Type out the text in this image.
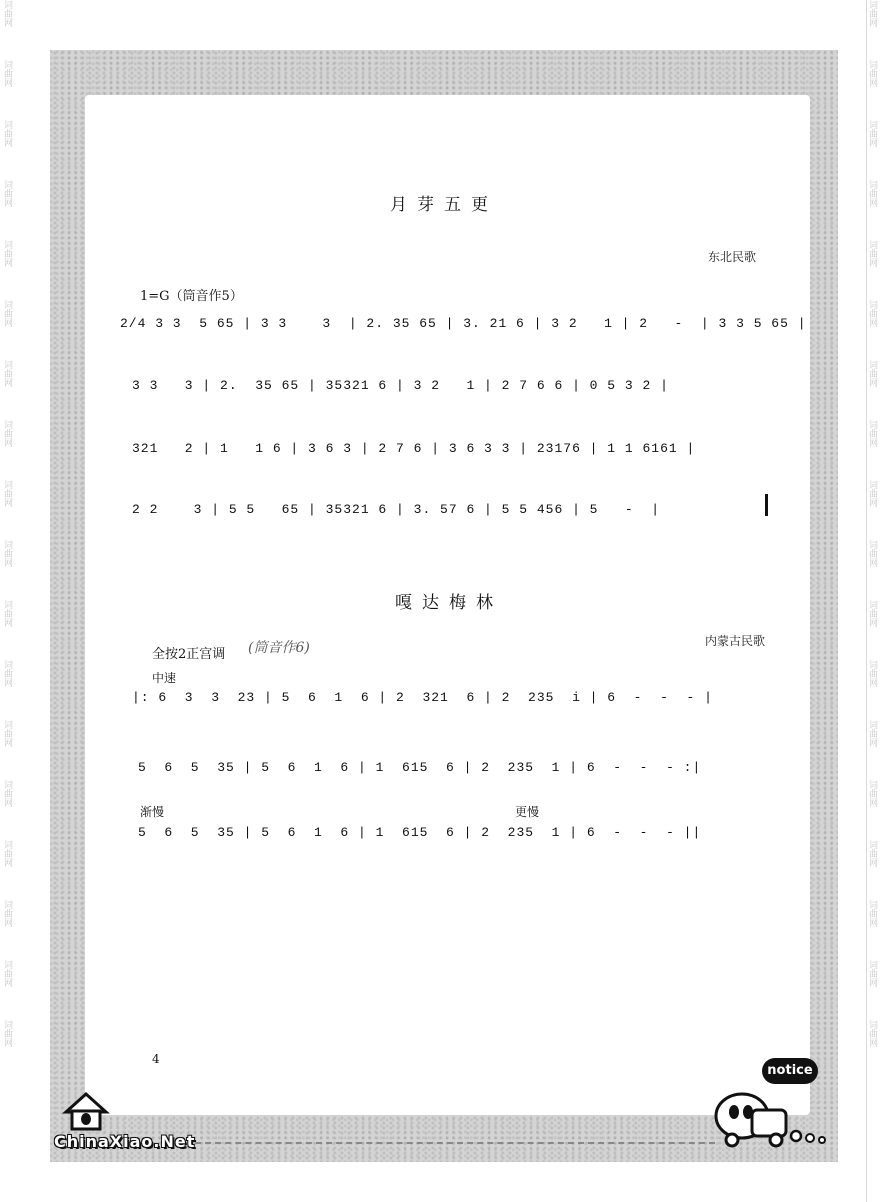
词曲网
词曲网
词曲网
词曲网
词曲网
词曲网
词曲网
词曲网
词曲网
词曲网
词曲网
词曲网
词曲网
词曲网
词曲网
词曲网
词曲网
词曲网
词曲网
词曲网
词曲网
词曲网
词曲网
词曲网
词曲网
词曲网
词曲网
词曲网
词曲网
词曲网
词曲网
词曲网
词曲网
词曲网
词曲网
词曲网
月芽五更
东北民歌
1=G（筒音作5）

2/4 3 3  5 65 | 3 3    3  | 2. 35 65 | 3. 21 6 | 3 2   1 | 2   -  | 3 3 5 65 |

3 3   3 | 2.  35 65 | 35321 6 | 3 2   1 | 2 7 6 6 | 0 5 3 2 |

321   2 | 1   1 6 | 3 6 3 | 2 7 6 | 3 6 3 3 | 23176 | 1 1 6161 |

2 2    3 | 5 5   65 | 35321 6 | 3. 57 6 | 5 5 456 | 5   -  |

嘎达梅林
内蒙古民歌
全按2正宫调 (筒音作6)
中速

|: 6  3  3  23 | 5  6  1  6 | 2  321  6 | 2  235  i | 6  -  -  - |

5  6  5  35 | 5  6  1  6 | 1  615  6 | 2  235  1 | 6  -  -  - :|

渐慢	更慢

5  6  5  35 | 5  6  1  6 | 1  615  6 | 2  235  1 | 6  -  -  - ||

4
ChinaXiao.Net
notice
